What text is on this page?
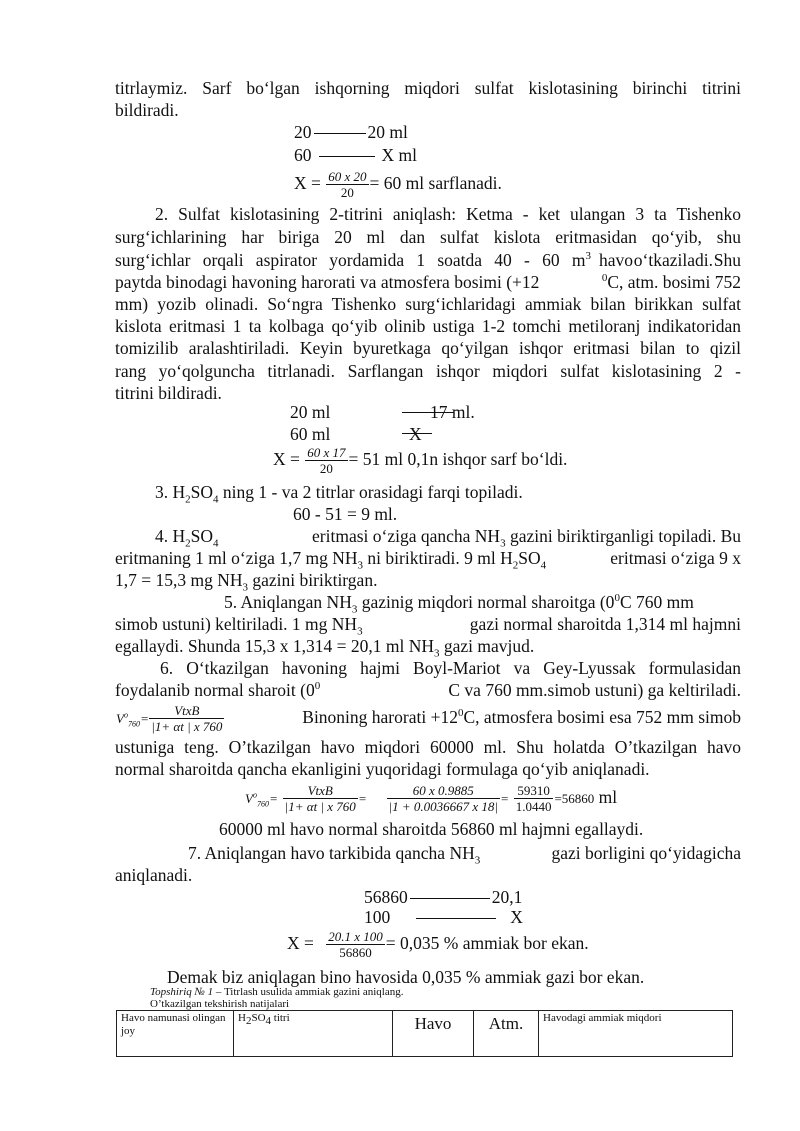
titrlaymiz. Sarf bo‘lgan ishqorning miqdori sulfat kislotasining birinchi titrini
bildiradi.
20	20 ml
60	X ml
$X = \frac{60 x 20}{20} = 60$ ml sarflanadi.
2. Sulfat kislotasining 2-titrini aniqlash: Ketma - ket ulangan 3 ta Tishenko
surg‘ichlarining har biriga 20 ml dan sulfat kislota eritmasidan qo‘yib, shu
surg‘ichlar orqali aspirator yordamida 1 soatda 40 - 60 $m^3$ havo o‘tkaziladi. Shu
paytda binodagi havoning harorati va atmosfera bosimi (+12	$^0$C, atm. bosimi 752
mm) yozib olinadi. So‘ngra Tishenko surg‘ichlaridagi ammiak bilan birikkan sulfat
kislota eritmasi 1 ta kolbaga qo‘yib olinib ustiga 1-2 tomchi metiloranj indikatoridan
tomizilib aralashtiriladi. Keyin byuretkaga qo‘yilgan ishqor eritmasi bilan to qizil
rang yo‘qolguncha titrlanadi. Sarflangan ishqor miqdori sulfat kislotasining 2 -
titrini bildiradi.
20 ml	17 ml.
60 ml	X
$X = \frac{60 x 17}{20} = 51$ ml 0,1n ishqor sarf bo‘ldi.
3. $H_2SO_4$ ning 1 - va 2 titrlar orasidagi farqi topiladi.
60 - 51 = 9 ml.
4. $H_2SO_4$	eritmasi o‘ziga qancha $NH_3$ gazini biriktirganligi topiladi. Bu
eritmaning 1 ml o‘ziga 1,7 mg $NH_3$ ni biriktiradi. 9 ml $H_2SO_4$	eritmasi o‘ziga 9 x
1,7 = 15,3 mg $NH_3$ gazini biriktirgan.
5. Aniqlangan $NH_3$ gazinig miqdori normal sharoitga ($0^0C$ 760 mm
simob ustuni) keltiriladi. 1 mg $NH_3$	gazi normal sharoitda 1,314 ml hajmni
egallaydi. Shunda 15,3 x 1,314 = 20,1 ml $NH_3$ gazi mavjud.
6. O‘tkazilgan havoning hajmi Boyl-Mariot va Gey-Lyussak formulasidan
foydalanib normal sharoit ($0^0$	C va 760 mm.simob ustuni) ga keltiriladi.
$V^o_{760}= \frac{\text{VtxB}}{|1+ \alpha t | x 760}$	Binoning harorati $+12^0C$, atmosfera bosimi esa 752 mm simob
ustuniga teng. O’tkazilgan havo miqdori 60000 ml. Shu holatda O’tkazilgan havo
normal sharoitda qancha ekanligini yuqoridagi formulaga qo‘yib aniqlanadi.
$V^o_{760}= \frac{\text{VtxB}}{|1+ \alpha t | x 760} = \frac{60 x 0.9885}{|1 + 0.0036667 x 18|} = \frac{59310}{1.0440} =56860$ ml
60000 ml havo normal sharoitda 56860 ml hajmni egallaydi.
7. Aniqlangan havo tarkibida qancha $NH_3$	gazi borligini qo‘yidagicha
aniqlanadi.
56860	20,1
100	X
$X = \frac{20.1 x 100}{56860} = 0,035$ % ammiak bor ekan.
Demak biz aniqlagan bino havosida 0,035 % ammiak gazi bor ekan.
Topshiriq № 1 – Titrlash usulida ammiak gazini aniqlang.
O’tkazilgan tekshirish natijalari
Havo namunasi olingan joy	$H_2SO_4$ titri	Havo	Atm.	Havodagi ammiak miqdori
